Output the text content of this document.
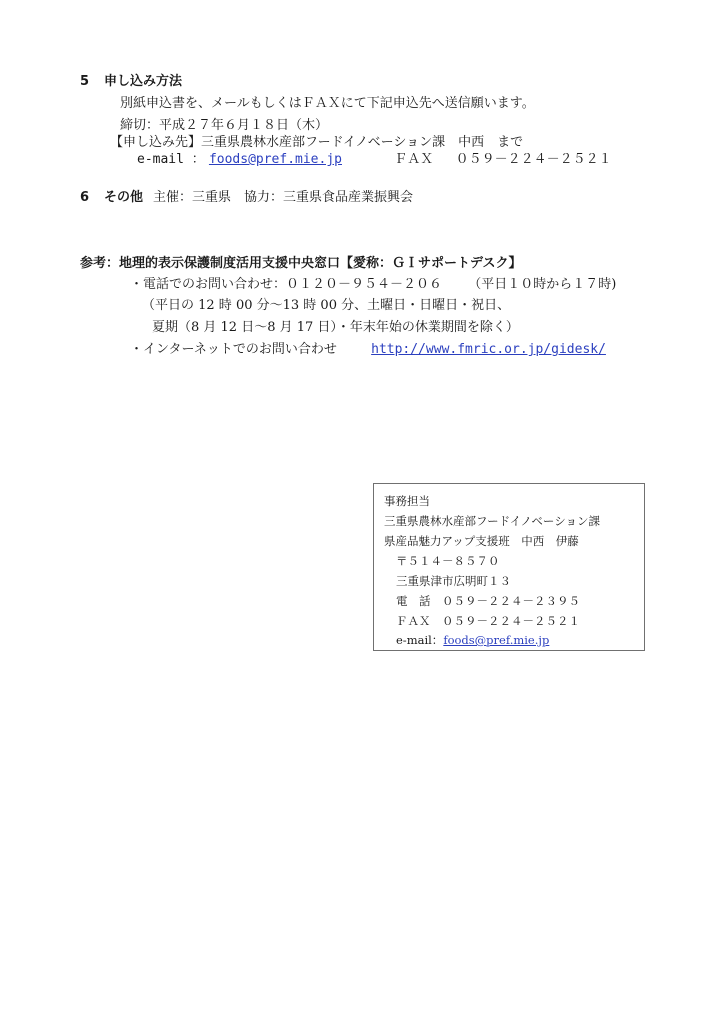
5 申し込み方法
別紙申込書を、メールもしくはＦＡＸにて下記申込先へ送信願います。
締切：平成２７年６月１８日（木）
【申し込み先】三重県農林水産部フードイノベーション課　中西　まで
e-mail ： foods@pref.mie.jp	ＦＡＸ ０５９－２２４－２５２１
6 その他 主催：三重県　協力：三重県食品産業振興会
参考：地理的表示保護制度活用支援中央窓口【愛称：ＧＩサポートデスク】
・電話でのお問い合わせ：０１２０－９５４－２０６ （平日１０時から１７時)
（平日の 12 時 00 分～13 時 00 分、土曜日・日曜日・祝日、
夏期（8 月 12 日～8 月 17 日）・年末年始の休業期間を除く）
・インターネットでのお問い合わせ	http://www.fmric.or.jp/gidesk/
事務担当
三重県農林水産部フードイノベーション課
県産品魅力アップ支援班　中西　伊藤
〒５１４－８５７０
三重県津市広明町１３
電　話　０５９－２２４－２３９５
ＦＡＸ　０５９－２２４－２５２１
e-mail：foods@pref.mie.jp
